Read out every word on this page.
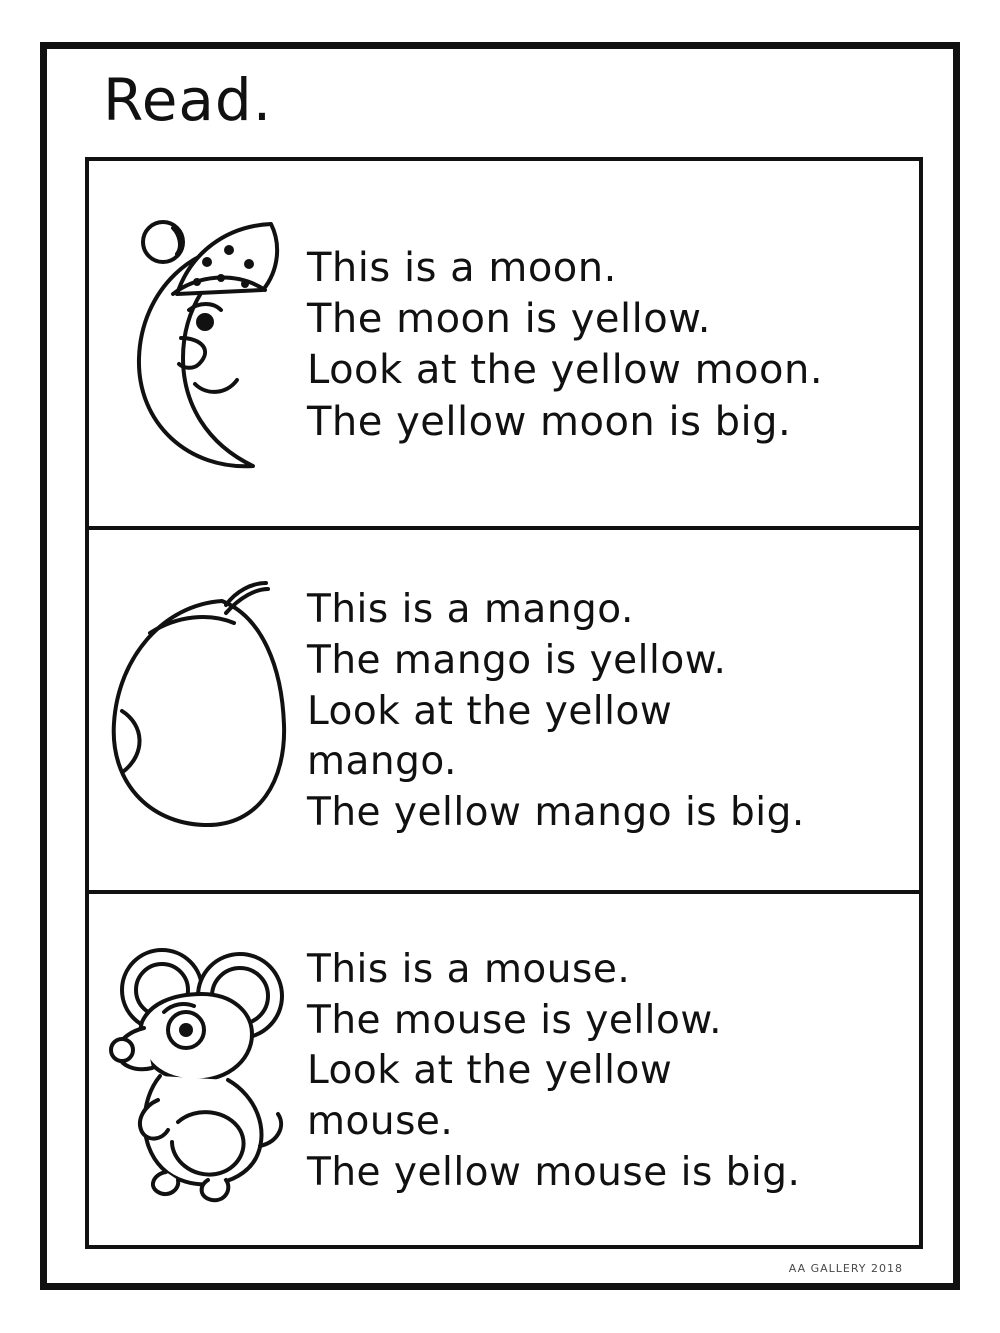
Read.
This is a moon.
The moon is yellow.
Look at the yellow moon.
The yellow moon is big.
This is a mango.
The mango is yellow.
Look at the yellow
mango.
The yellow mango is big.
This is a mouse.
The mouse is yellow.
Look at the yellow
mouse.
The yellow mouse is big.
AA GALLERY 2018
